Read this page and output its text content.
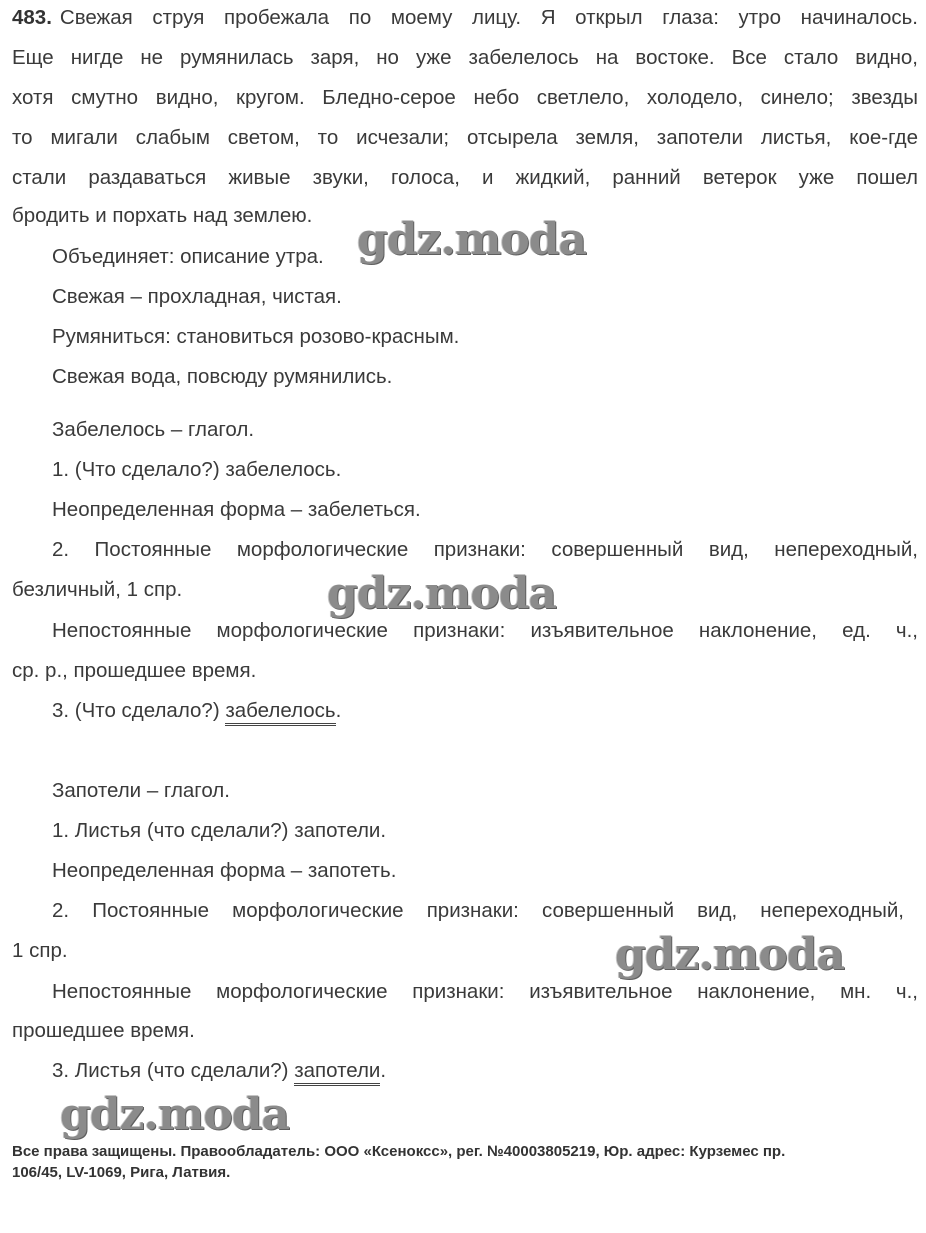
483. Свежая струя пробежала по моему лицу. Я открыл глаза: утро начиналось.
Еще нигде не румянилась заря, но уже забелелось на востоке. Все стало видно,
хотя смутно видно, кругом. Бледно-серое небо светлело, холодело, синело; звезды
то мигали слабым светом, то исчезали; отсырела земля, запотели листья, кое-где
стали раздаваться живые звуки, голоса, и жидкий, ранний ветерок уже пошел
бродить и порхать над землею.
Объединяет: описание утра.
Свежая – прохладная, чистая.
Румяниться: становиться розово-красным.
Свежая вода, повсюду румянились.
Забелелось – глагол.
1. (Что сделало?) забелелось.
Неопределенная форма – забелеться.
2. Постоянные морфологические признаки: совершенный вид, непереходный,
безличный, 1 спр.
Непостоянные морфологические признаки: изъявительное наклонение, ед. ч.,
ср. р., прошедшее время.
3. (Что сделало?) забелелось.
Запотели – глагол.
1. Листья (что сделали?) запотели.
Неопределенная форма – запотеть.
2. Постоянные морфологические признаки: совершенный вид, непереходный,
1 спр.
Непостоянные морфологические признаки: изъявительное наклонение, мн. ч.,
прошедшее время.
3. Листья (что сделали?) запотели.
gdz.moda
gdz.moda
gdz.moda
gdz.moda
Все права защищены. Правообладатель: ООО «Ксеноксс», рег. №40003805219, Юр. адрес: Курземес пр.
106/45, LV-1069, Рига, Латвия.
